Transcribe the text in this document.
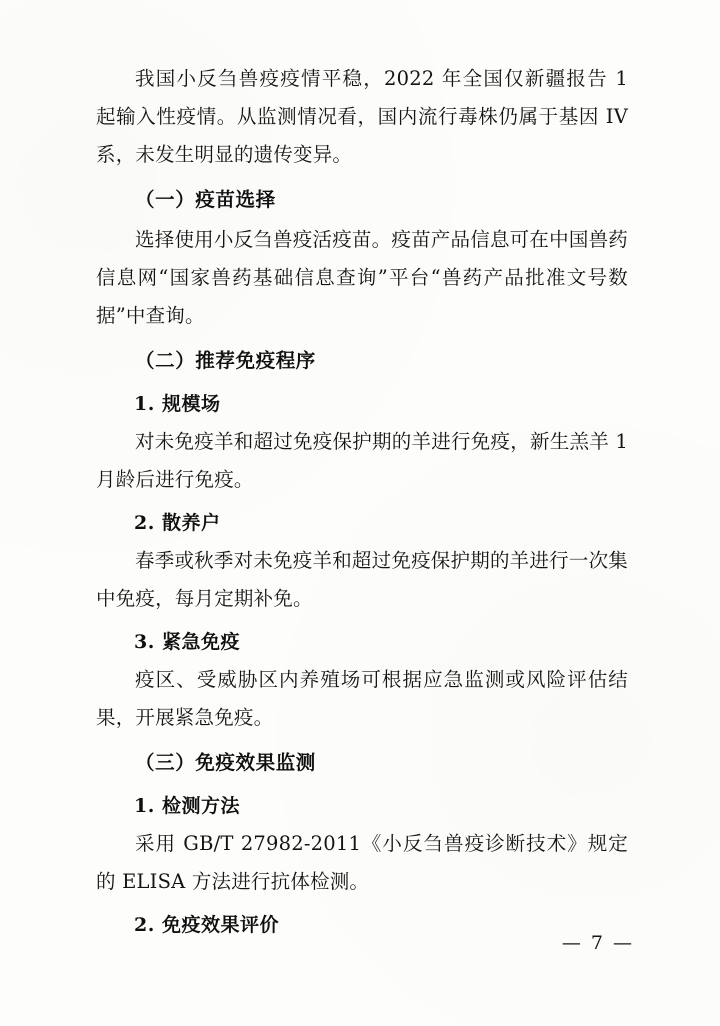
我国小反刍兽疫疫情平稳，2022 年全国仅新疆报告 1 起输入性疫情。从监测情况看，国内流行毒株仍属于基因 IV 系，未发生明显的遗传变异。

（一）疫苗选择

选择使用小反刍兽疫活疫苗。疫苗产品信息可在中国兽药信息网“国家兽药基础信息查询”平台“兽药产品批准文号数据”中查询。

（二）推荐免疫程序
1. 规模场

对未免疫羊和超过免疫保护期的羊进行免疫，新生羔羊 1 月龄后进行免疫。

2. 散养户

春季或秋季对未免疫羊和超过免疫保护期的羊进行一次集中免疫，每月定期补免。

3. 紧急免疫

疫区、受威胁区内养殖场可根据应急监测或风险评估结果，开展紧急免疫。

（三）免疫效果监测
1. 检测方法

采用 GB/T 27982-2011《小反刍兽疫诊断技术》规定的 ELISA 方法进行抗体检测。

2. 免疫效果评价
— 7 —
